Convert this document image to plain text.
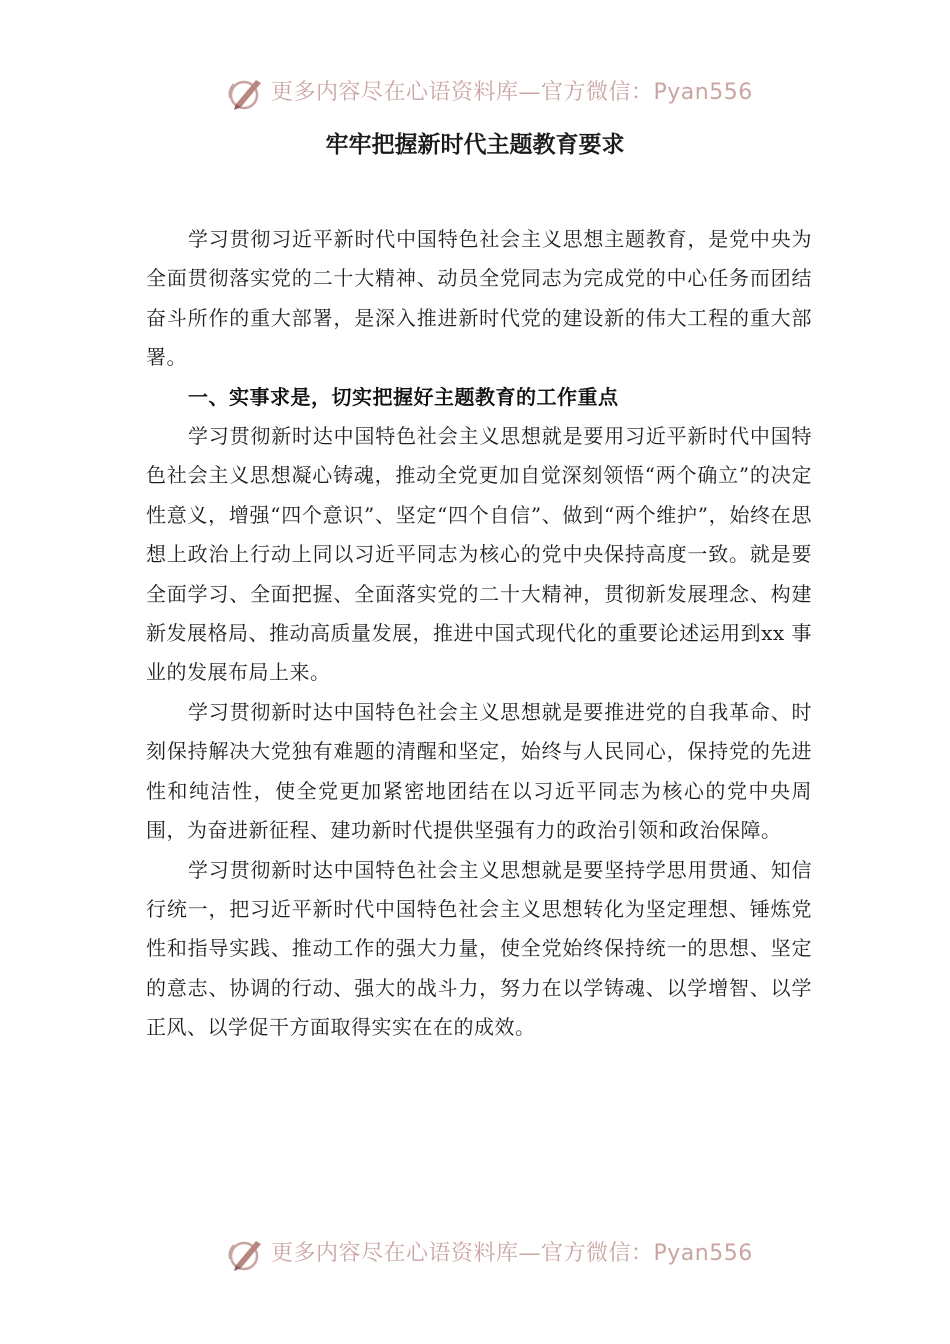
更多内容尽在心语资料库—官方微信：Pyan556
牢牢把握新时代主题教育要求

学习贯彻习近平新时代中国特色社会主义思想主题教育，是党中央为全面贯彻落实党的二十大精神、动员全党同志为完成党的中心任务而团结奋斗所作的重大部署，是深入推进新时代党的建设新的伟大工程的重大部署。

一、实事求是，切实把握好主题教育的工作重点

学习贯彻新时达中国特色社会主义思想就是要用习近平新时代中国特色社会主义思想凝心铸魂，推动全党更加自觉深刻领悟“两个确立”的决定性意义，增强“四个意识”、坚定“四个自信”、做到“两个维护”，始终在思想上政治上行动上同以习近平同志为核心的党中央保持高度一致。就是要全面学习、全面把握、全面落实党的二十大精神，贯彻新发展理念、构建新发展格局、推动高质量发展，推进中国式现代化的重要论述运用到xx 事业的发展布局上来。

学习贯彻新时达中国特色社会主义思想就是要推进党的自我革命、时刻保持解决大党独有难题的清醒和坚定，始终与人民同心，保持党的先进性和纯洁性，使全党更加紧密地团结在以习近平同志为核心的党中央周围，为奋进新征程、建功新时代提供坚强有力的政治引领和政治保障。

学习贯彻新时达中国特色社会主义思想就是要坚持学思用贯通、知信行统一，把习近平新时代中国特色社会主义思想转化为坚定理想、锤炼党性和指导实践、推动工作的强大力量，使全党始终保持统一的思想、坚定的意志、协调的行动、强大的战斗力，努力在以学铸魂、以学增智、以学正风、以学促干方面取得实实在在的成效。

更多内容尽在心语资料库—官方微信：Pyan556
